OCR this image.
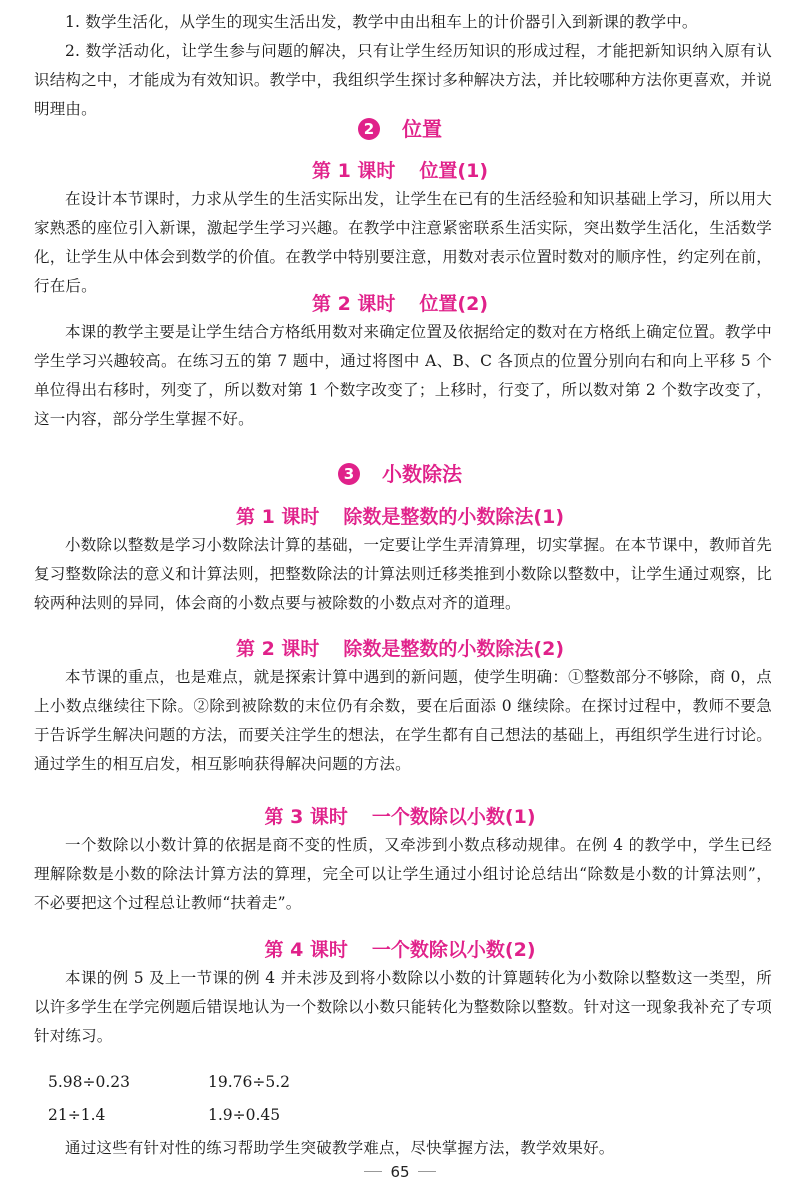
1. 数学生活化，从学生的现实生活出发，教学中由出租车上的计价器引入到新课的教学中。

2. 数学活动化，让学生参与问题的解决，只有让学生经历知识的形成过程，才能把新知识纳入原有认识结构之中，才能成为有效知识。教学中，我组织学生探讨多种解决方法，并比较哪种方法你更喜欢，并说明理由。

2 位置
第 1 课时 位置(1)

在设计本节课时，力求从学生的生活实际出发，让学生在已有的生活经验和知识基础上学习，所以用大家熟悉的座位引入新课，激起学生学习兴趣。在教学中注意紧密联系生活实际，突出数学生活化，生活数学化，让学生从中体会到数学的价值。在教学中特别要注意，用数对表示位置时数对的顺序性，约定列在前，行在后。

第 2 课时 位置(2)

本课的教学主要是让学生结合方格纸用数对来确定位置及依据给定的数对在方格纸上确定位置。教学中学生学习兴趣较高。在练习五的第 7 题中，通过将图中 A、B、C 各顶点的位置分别向右和向上平移 5 个单位得出右移时，列变了，所以数对第 1 个数字改变了；上移时，行变了，所以数对第 2 个数字改变了，这一内容，部分学生掌握不好。

3 小数除法
第 1 课时 除数是整数的小数除法(1)

小数除以整数是学习小数除法计算的基础，一定要让学生弄清算理，切实掌握。在本节课中，教师首先复习整数除法的意义和计算法则，把整数除法的计算法则迁移类推到小数除以整数中，让学生通过观察，比较两种法则的异同，体会商的小数点要与被除数的小数点对齐的道理。

第 2 课时 除数是整数的小数除法(2)

本节课的重点，也是难点，就是探索计算中遇到的新问题，使学生明确：①整数部分不够除，商 0，点上小数点继续往下除。②除到被除数的末位仍有余数，要在后面添 0 继续除。在探讨过程中，教师不要急于告诉学生解决问题的方法，而要关注学生的想法，在学生都有自己想法的基础上，再组织学生进行讨论。通过学生的相互启发，相互影响获得解决问题的方法。

第 3 课时 一个数除以小数(1)

一个数除以小数计算的依据是商不变的性质，又牵涉到小数点移动规律。在例 4 的教学中，学生已经理解除数是小数的除法计算方法的算理，完全可以让学生通过小组讨论总结出“除数是小数的计算法则”，不必要把这个过程总让教师“扶着走”。

第 4 课时 一个数除以小数(2)

本课的例 5 及上一节课的例 4 并未涉及到将小数除以小数的计算题转化为小数除以整数这一类型，所以许多学生在学完例题后错误地认为一个数除以小数只能转化为整数除以整数。针对这一现象我补充了专项针对练习。

5.98÷0.23	19.76÷5.2
21÷1.4	1.9÷0.45

通过这些有针对性的练习帮助学生突破教学难点，尽快掌握方法，教学效果好。

65
